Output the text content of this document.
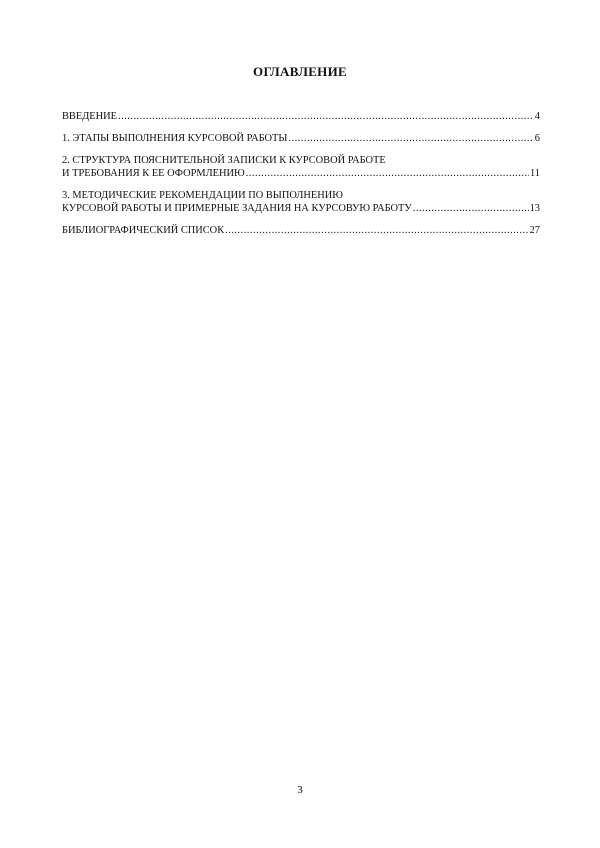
ОГЛАВЛЕНИЕ
ВВЕДЕНИЕ .....	4
1. ЭТАПЫ ВЫПОЛНЕНИЯ КУРСОВОЙ РАБОТЫ .....	6
2. СТРУКТУРА ПОЯСНИТЕЛЬНОЙ ЗАПИСКИ К КУРСОВОЙ РАБОТЕ
И ТРЕБОВАНИЯ К ЕЕ ОФОРМЛЕНИЮ .....	11
3. МЕТОДИЧЕСКИЕ РЕКОМЕНДАЦИИ ПО ВЫПОЛНЕНИЮ
КУРСОВОЙ РАБОТЫ И ПРИМЕРНЫЕ ЗАДАНИЯ НА КУРСОВУЮ РАБОТУ .....	13
БИБЛИОГРАФИЧЕСКИЙ СПИСОК .....	27
3
